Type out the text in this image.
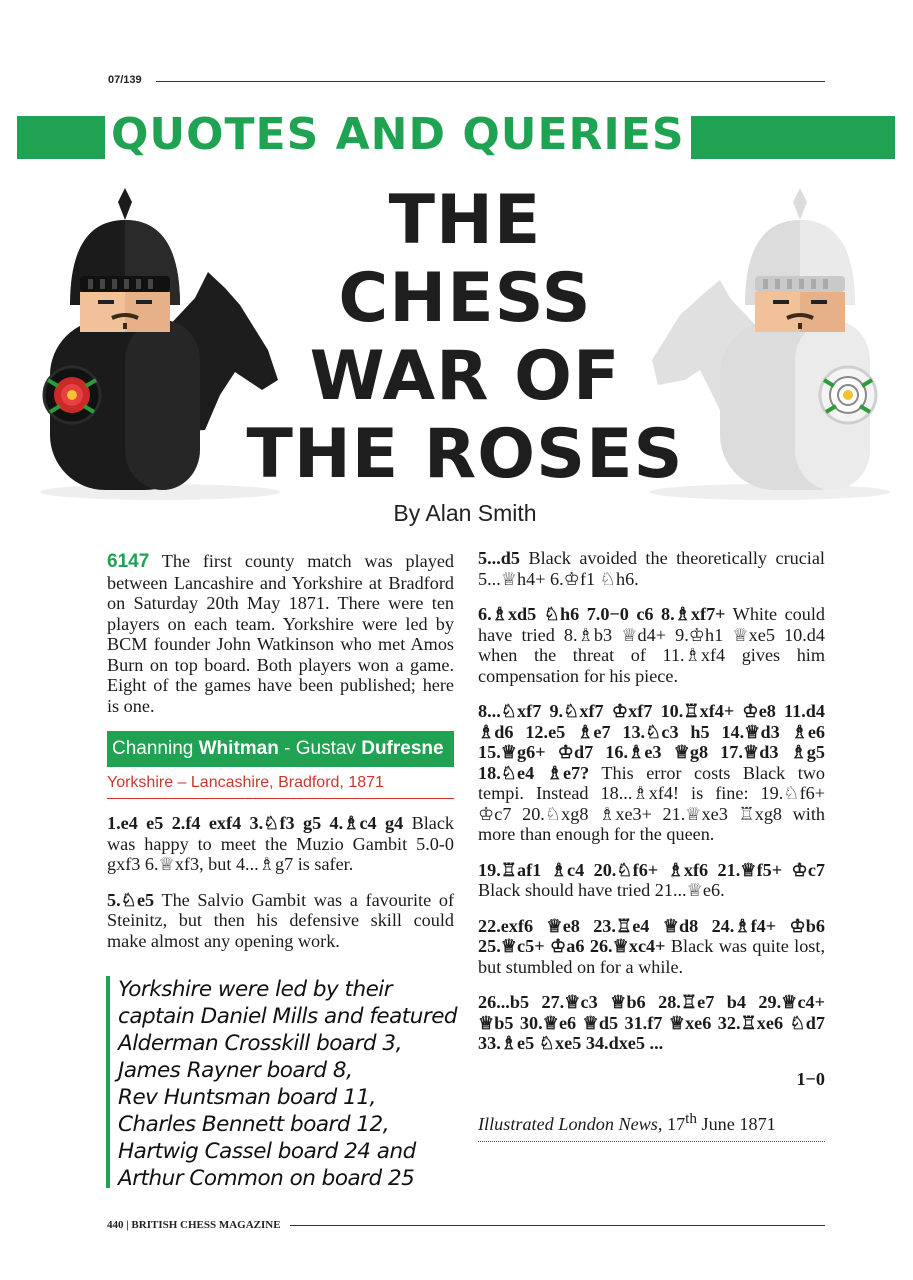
07/139
QUOTES AND QUERIES
THE
CHESS
WAR OF
THE ROSES
By Alan Smith

6147 The first county match was played between Lancashire and Yorkshire at Bradford on Saturday 20th May 1871. There were ten players on each team. Yorkshire were led by BCM founder John Watkinson who met Amos Burn on top board. Both players won a game. Eight of the games have been published; here is one.

Channing Whitman - Gustav Dufresne
Yorkshire – Lancashire, Bradford, 1871

1.e4 e5 2.f4 exf4 3.♘f3 g5 4.♗c4 g4 Black was happy to meet the Muzio Gambit 5.0-0 gxf3 6.♕xf3, but 4...♗g7 is safer.

5.♘e5 The Salvio Gambit was a favourite of Steinitz, but then his defensive skill could make almost any opening work.

Yorkshire were led by their
captain Daniel Mills and featured
Alderman Crosskill board 3,
James Rayner board 8,
Rev Huntsman board 11,
Charles Bennett board 12,
Hartwig Cassel board 24 and
Arthur Common on board 25

5...d5 Black avoided the theoretically crucial 5...♕h4+ 6.♔f1 ♘h6.

6.♗xd5 ♘h6 7.0−0 c6 8.♗xf7+ White could have tried 8.♗b3 ♕d4+ 9.♔h1 ♕xe5 10.d4 when the threat of 11.♗xf4 gives him compensation for his piece.

8...♘xf7 9.♘xf7 ♔xf7 10.♖xf4+ ♔e8 11.d4 ♗d6 12.e5 ♗e7 13.♘c3 h5 14.♕d3 ♗e6 15.♕g6+ ♔d7 16.♗e3 ♕g8 17.♕d3 ♗g5 18.♘e4 ♗e7? This error costs Black two tempi. Instead 18...♗xf4! is fine: 19.♘f6+ ♔c7 20.♘xg8 ♗xe3+ 21.♕xe3 ♖xg8 with more than enough for the queen.

19.♖af1 ♗c4 20.♘f6+ ♗xf6 21.♕f5+ ♔c7 Black should have tried 21...♕e6.

22.exf6 ♕e8 23.♖e4 ♕d8 24.♗f4+ ♔b6 25.♕c5+ ♔a6 26.♕xc4+ Black was quite lost, but stumbled on for a while.

26...b5 27.♕c3 ♕b6 28.♖e7 b4 29.♕c4+ ♕b5 30.♕e6 ♕d5 31.f7 ♕xe6 32.♖xe6 ♘d7 33.♗e5 ♘xe5 34.dxe5 ...

1−0
Illustrated London News, 17th June 1871
440 | BRITISH CHESS MAGAZINE
